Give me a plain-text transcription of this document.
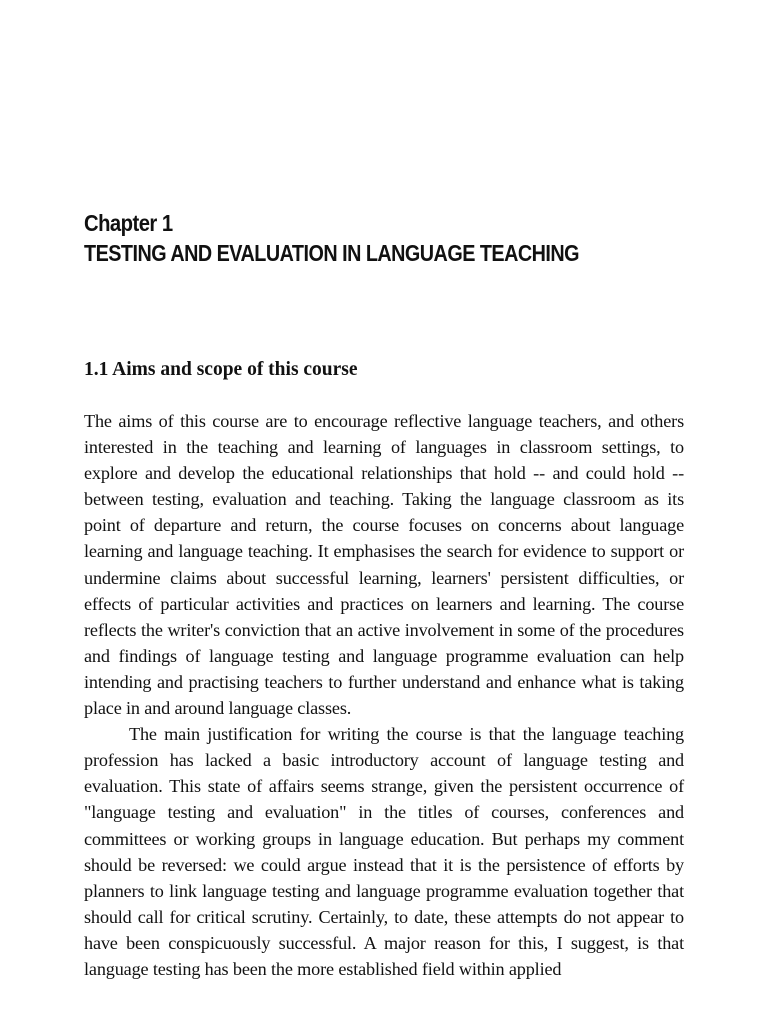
Chapter 1
TESTING AND EVALUATION IN LANGUAGE TEACHING
1.1 Aims and scope of this course

The aims of this course are to encourage reflective language teachers, and others interested in the teaching and learning of languages in classroom settings, to explore and develop the educational relationships that hold -- and could hold -- between testing, evaluation and teaching. Taking the language classroom as its point of departure and return, the course focuses on concerns about language learning and language teaching. It emphasises the search for evidence to support or undermine claims about successful learning, learners' persistent difficulties, or effects of particular activities and practices on learners and learning. The course reflects the writer's conviction that an active involvement in some of the procedures and findings of language testing and language programme evaluation can help intending and practising teachers to further understand and enhance what is taking place in and around language classes.

The main justification for writing the course is that the language teaching profession has lacked a basic introductory account of language testing and evaluation. This state of affairs seems strange, given the persistent occurrence of "language testing and evaluation" in the titles of courses, conferences and committees or working groups in language education. But perhaps my comment should be reversed: we could argue instead that it is the persistence of efforts by planners to link language testing and language programme evaluation together that should call for critical scrutiny. Certainly, to date, these attempts do not appear to have been conspicuously successful. A major reason for this, I suggest, is that language testing has been the more established field within applied
